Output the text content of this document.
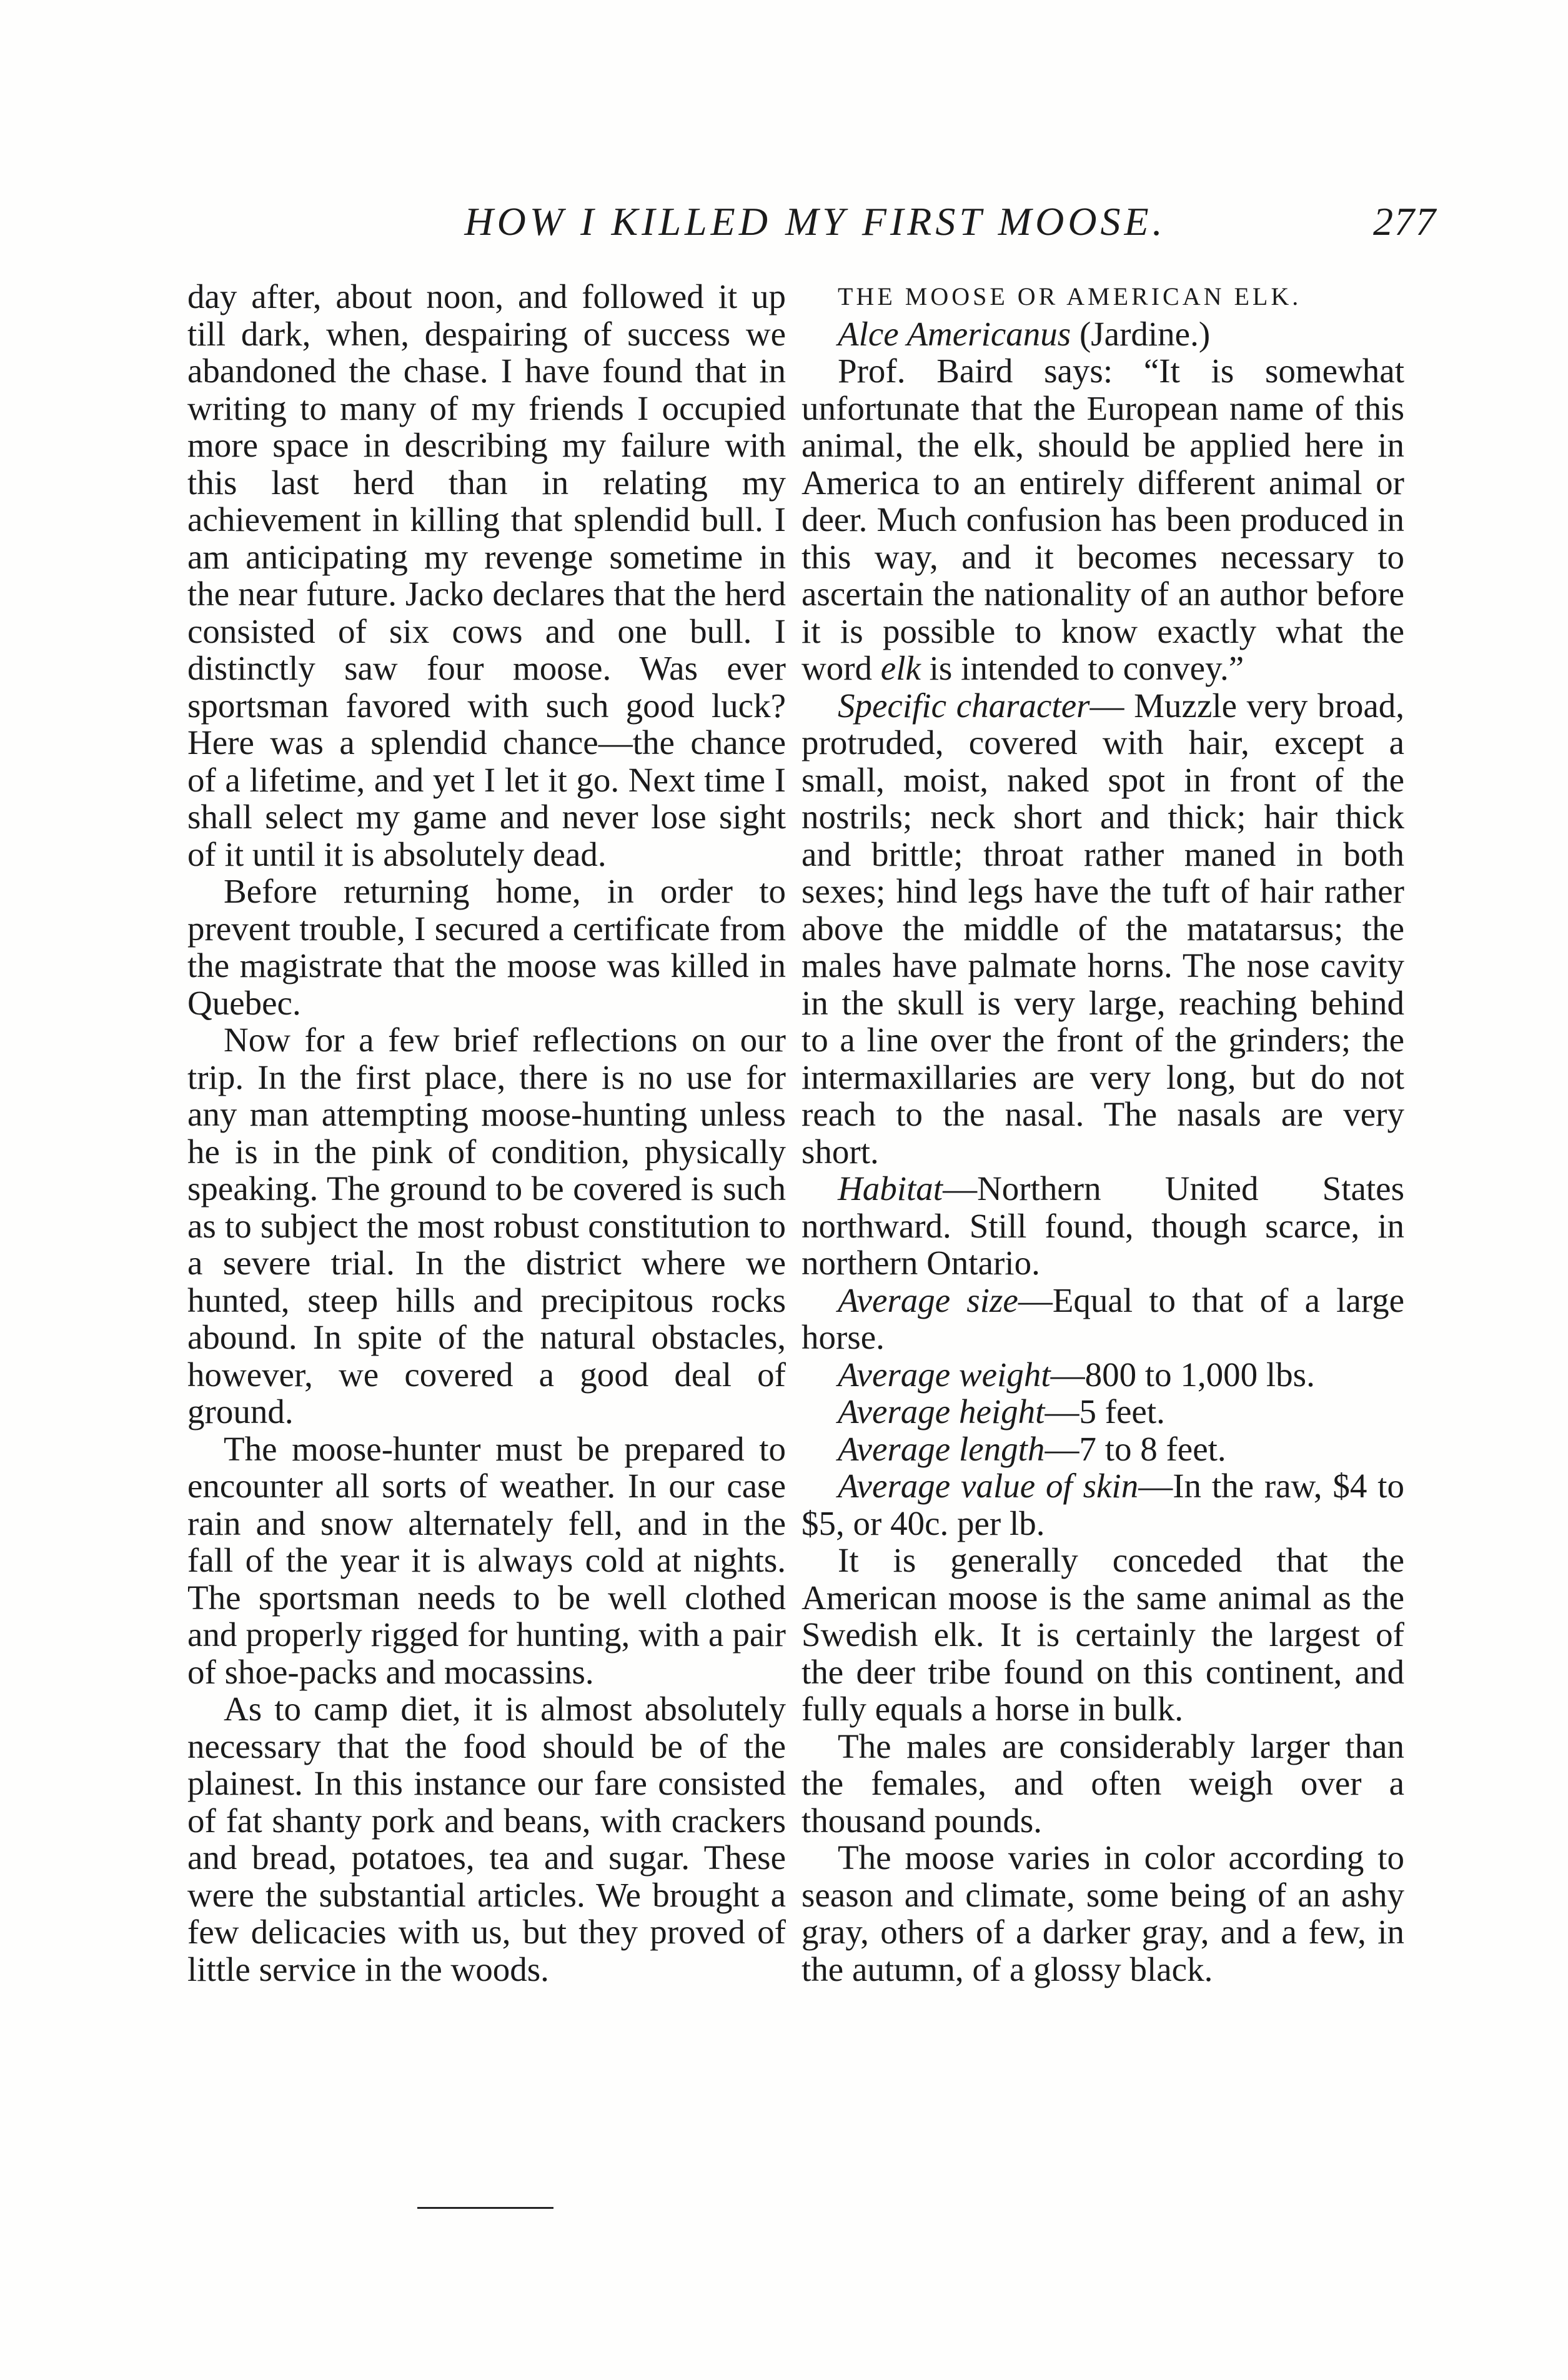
HOW I KILLED MY FIRST MOOSE.	277

day after, about noon, and followed it up till dark, when, despairing of success we abandoned the chase. I have found that in writing to many of my friends I occupied more space in describing my failure with this last herd than in relating my achievement in killing that splendid bull. I am anticipating my revenge sometime in the near future. Jacko declares that the herd consisted of six cows and one bull. I distinctly saw four moose. Was ever sportsman favored with such good luck? Here was a splendid chance—the chance of a lifetime, and yet I let it go. Next time I shall select my game and never lose sight of it until it is absolutely dead.

Before returning home, in order to prevent trouble, I secured a certificate from the magistrate that the moose was killed in Quebec.

Now for a few brief reflections on our trip. In the first place, there is no use for any man attempting moose-hunting unless he is in the pink of condition, physically speaking. The ground to be covered is such as to subject the most robust constitution to a severe trial. In the district where we hunted, steep hills and precipitous rocks abound. In spite of the natural obstacles, however, we covered a good deal of ground.

The moose-hunter must be prepared to encounter all sorts of weather. In our case rain and snow alternately fell, and in the fall of the year it is always cold at nights. The sportsman needs to be well clothed and properly rigged for hunting, with a pair of shoe-packs and mocassins.

As to camp diet, it is almost absolutely necessary that the food should be of the plainest. In this instance our fare consisted of fat shanty pork and beans, with crackers and bread, potatoes, tea and sugar. These were the substantial articles. We brought a few delicacies with us, but they proved of little service in the woods.

THE MOOSE OR AMERICAN ELK.

Alce Americanus (Jardine.)

Prof. Baird says: “It is somewhat unfortunate that the European name of this animal, the elk, should be applied here in America to an entirely different animal or deer. Much confusion has been produced in this way, and it becomes necessary to ascertain the nationality of an author before it is possible to know exactly what the word elk is intended to convey.”

Specific character— Muzzle very broad, protruded, covered with hair, except a small, moist, naked spot in front of the nostrils; neck short and thick; hair thick and brittle; throat rather maned in both sexes; hind legs have the tuft of hair rather above the middle of the matatarsus; the males have palmate horns. The nose cavity in the skull is very large, reaching behind to a line over the front of the grinders; the intermaxillaries are very long, but do not reach to the nasal. The nasals are very short.

Habitat—Northern United States northward. Still found, though scarce, in northern Ontario.

Average size—Equal to that of a large horse.

Average weight—800 to 1,000 lbs.

Average height—5 feet.

Average length—7 to 8 feet.

Average value of skin—In the raw, $4 to $5, or 40c. per lb.

It is generally conceded that the American moose is the same animal as the Swedish elk. It is certainly the largest of the deer tribe found on this continent, and fully equals a horse in bulk.

The males are considerably larger than the females, and often weigh over a thousand pounds.

The moose varies in color according to season and climate, some being of an ashy gray, others of a darker gray, and a few, in the autumn, of a glossy black.
